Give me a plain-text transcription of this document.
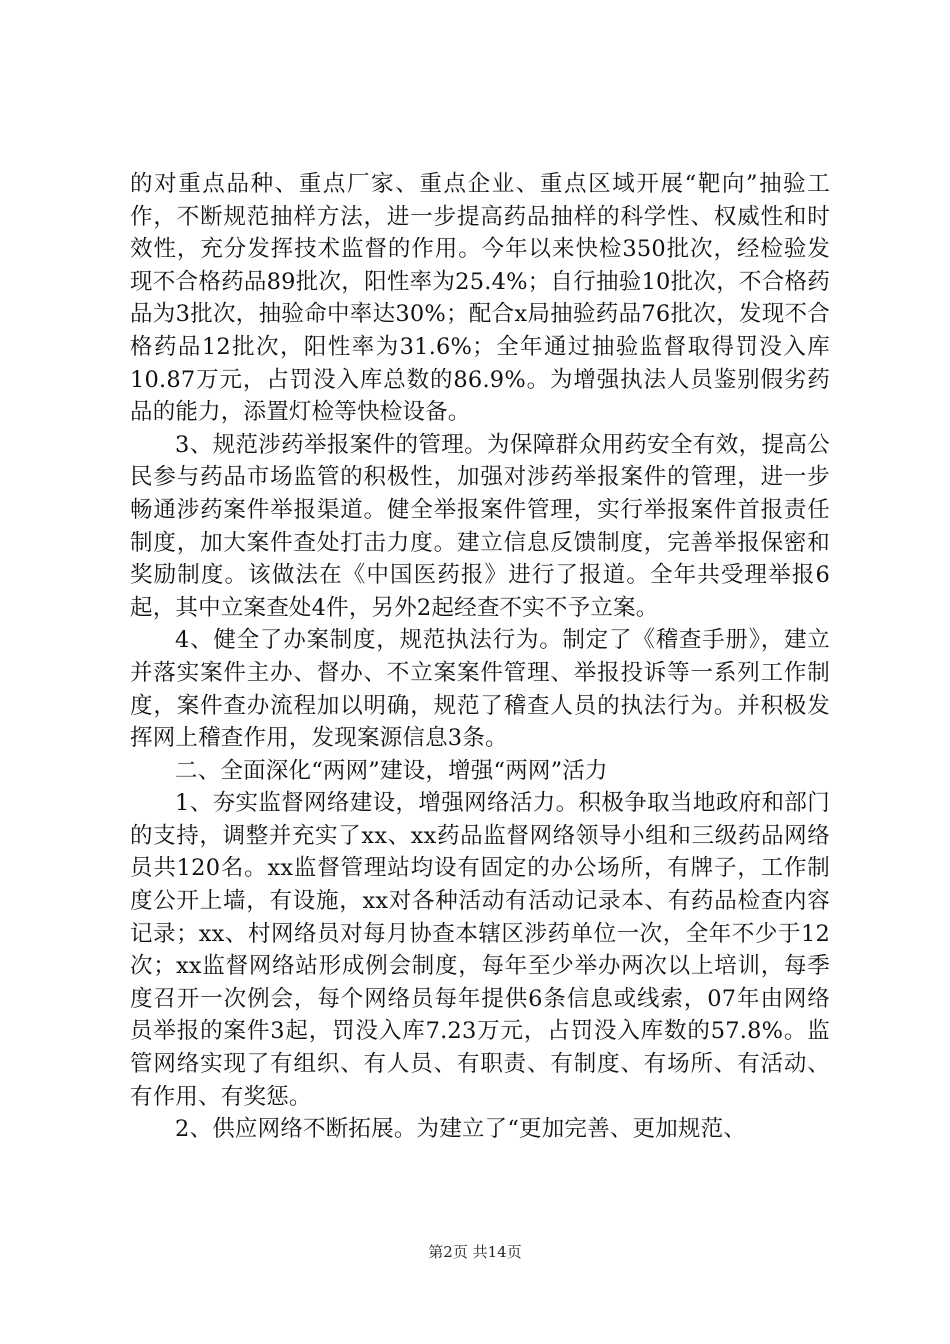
的对重点品种、重点厂家、重点企业、重点区域开展“靶向”抽验工作，不断规范抽样方法，进一步提高药品抽样的科学性、权威性和时效性，充分发挥技术监督的作用。今年以来快检350批次，经检验发现不合格药品89批次，阳性率为25.4%；自行抽验10批次，不合格药品为3批次，抽验命中率达30%；配合x局抽验药品76批次，发现不合格药品12批次，阳性率为31.6%；全年通过抽验监督取得罚没入库10.87万元，占罚没入库总数的86.9%。为增强执法人员鉴别假劣药品的能力，添置灯检等快检设备。

3、规范涉药举报案件的管理。为保障群众用药安全有效，提高公民参与药品市场监管的积极性，加强对涉药举报案件的管理，进一步畅通涉药案件举报渠道。健全举报案件管理，实行举报案件首报责任制度，加大案件查处打击力度。建立信息反馈制度，完善举报保密和奖励制度。该做法在《中国医药报》进行了报道。全年共受理举报6起，其中立案查处4件，另外2起经查不实不予立案。

4、健全了办案制度，规范执法行为。制定了《稽查手册》，建立并落实案件主办、督办、不立案案件管理、举报投诉等一系列工作制度，案件查办流程加以明确，规范了稽查人员的执法行为。并积极发挥网上稽查作用，发现案源信息3条。

二、全面深化“两网”建设，增强“两网”活力

1、夯实监督网络建设，增强网络活力。积极争取当地政府和部门的支持，调整并充实了xx、xx药品监督网络领导小组和三级药品网络员共120名。xx监督管理站均设有固定的办公场所，有牌子，工作制度公开上墙，有设施，xx对各种活动有活动记录本、有药品检查内容记录；xx、村网络员对每月协查本辖区涉药单位一次，全年不少于12次；xx监督网络站形成例会制度，每年至少举办两次以上培训，每季度召开一次例会，每个网络员每年提供6条信息或线索，07年由网络员举报的案件3起，罚没入库7.23万元，占罚没入库数的57.8%。监管网络实现了有组织、有人员、有职责、有制度、有场所、有活动、有作用、有奖惩。

2、供应网络不断拓展。为建立了“更加完善、更加规范、

第2页 共14页
